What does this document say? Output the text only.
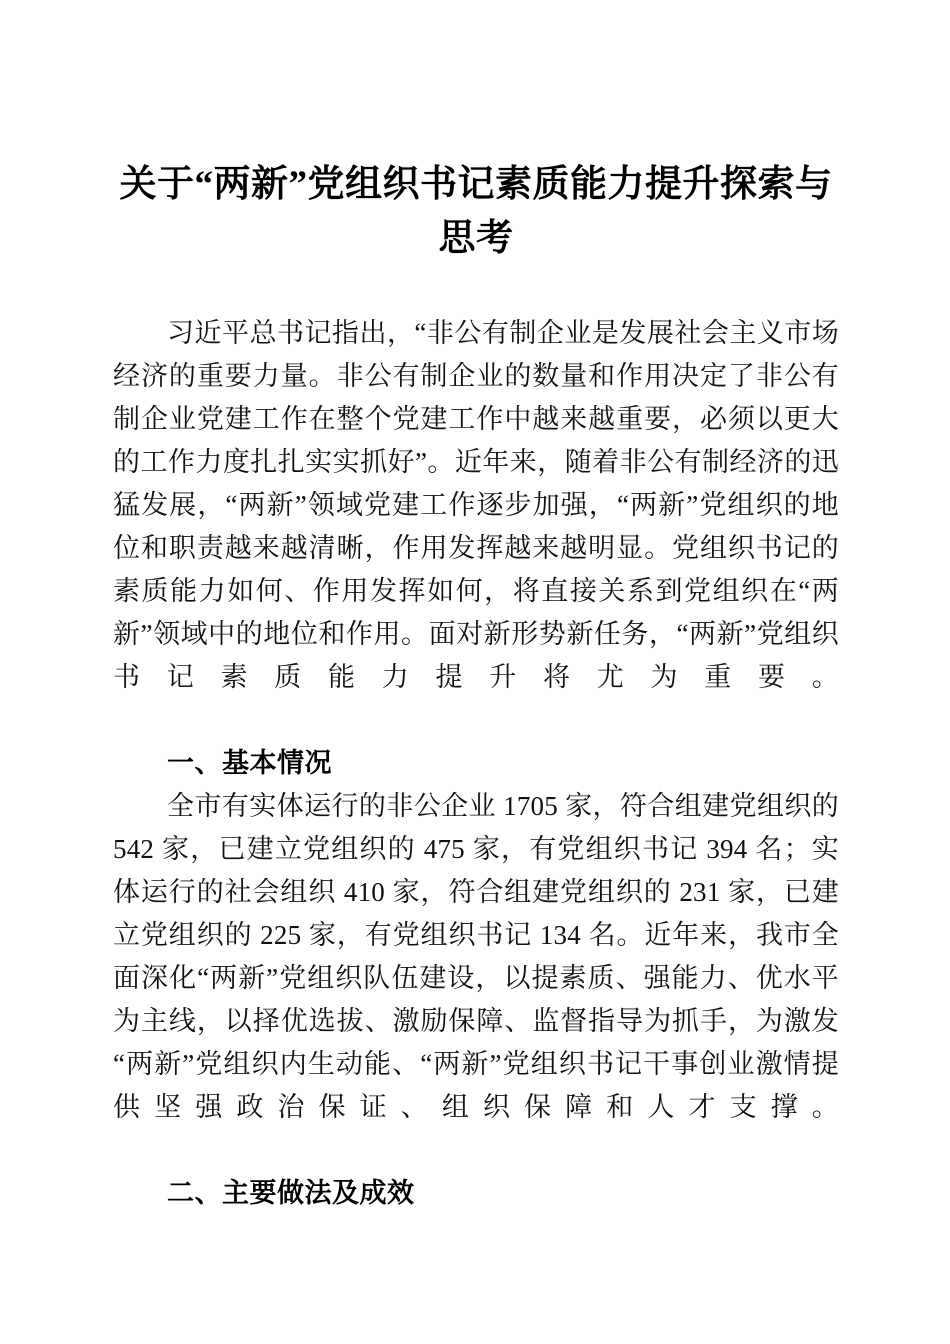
关于“两新”党组织书记素质能力提升探索与思考

习近平总书记指出，“非公有制企业是发展社会主义市场经济的重要力量。非公有制企业的数量和作用决定了非公有制企业党建工作在整个党建工作中越来越重要，必须以更大的工作力度扎扎实实抓好”。近年来，随着非公有制经济的迅猛发展，“两新”领域党建工作逐步加强，“两新”党组织的地位和职责越来越清晰，作用发挥越来越明显。党组织书记的素质能力如何、作用发挥如何，将直接关系到党组织在“两新”领域中的地位和作用。面对新形势新任务，“两新”党组织书记素质能力提升将尤为重要。

一、基本情况

全市有实体运行的非公企业 1705 家，符合组建党组织的 542 家，已建立党组织的 475 家，有党组织书记 394 名；实体运行的社会组织 410 家，符合组建党组织的 231 家，已建立党组织的 225 家，有党组织书记 134 名。近年来，我市全面深化“两新”党组织队伍建设，以提素质、强能力、优水平为主线，以择优选拔、激励保障、监督指导为抓手，为激发“两新”党组织内生动能、“两新”党组织书记干事创业激情提供坚强政治保证、组织保障和人才支撑。

二、主要做法及成效
